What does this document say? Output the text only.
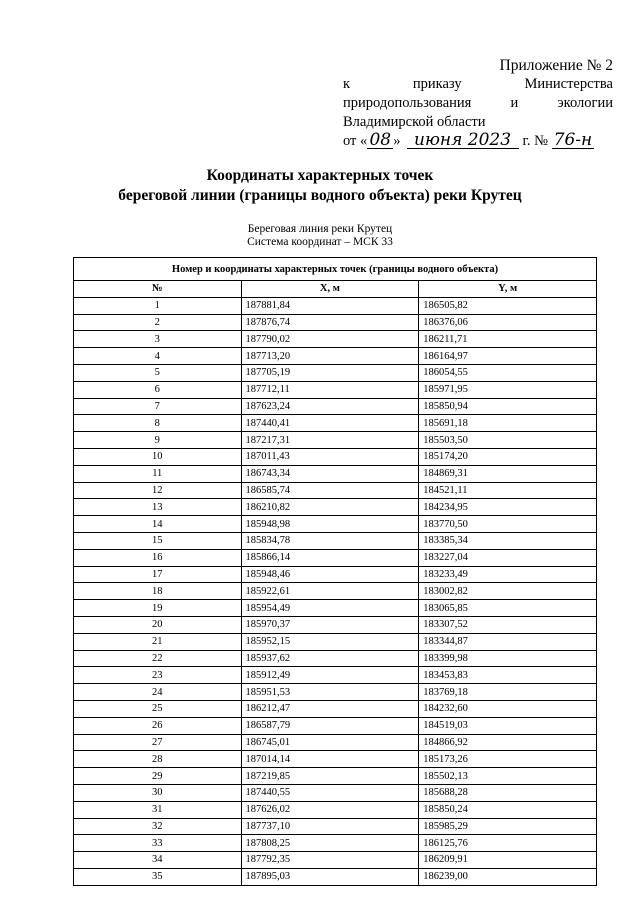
Приложение № 2
к	приказу	Министерства
природопользования	и	экологии
Владимирской области
от « 08 » июня 2023 г. № 76-н
Координаты характерных точек
береговой линии (границы водного объекта) реки Крутец
Береговая линия реки Крутец
Система координат – МСК 33
Номер и координаты характерных точек (границы водного объекта)		
№	X, м	Y, м
1	187881,84	186505,82
2	187876,74	186376,06
3	187790,02	186211,71
4	187713,20	186164,97
5	187705,19	186054,55
6	187712,11	185971,95
7	187623,24	185850,94
8	187440,41	185691,18
9	187217,31	185503,50
10	187011,43	185174,20
11	186743,34	184869,31
12	186585,74	184521,11
13	186210,82	184234,95
14	185948,98	183770,50
15	185834,78	183385,34
16	185866,14	183227,04
17	185948,46	183233,49
18	185922,61	183002,82
19	185954,49	183065,85
20	185970,37	183307,52
21	185952,15	183344,87
22	185937,62	183399,98
23	185912,49	183453,83
24	185951,53	183769,18
25	186212,47	184232,60
26	186587,79	184519,03
27	186745,01	184866,92
28	187014,14	185173,26
29	187219,85	185502,13
30	187440,55	185688,28
31	187626,02	185850,24
32	187737,10	185985,29
33	187808,25	186125,76
34	187792,35	186209,91
35	187895,03	186239,00
